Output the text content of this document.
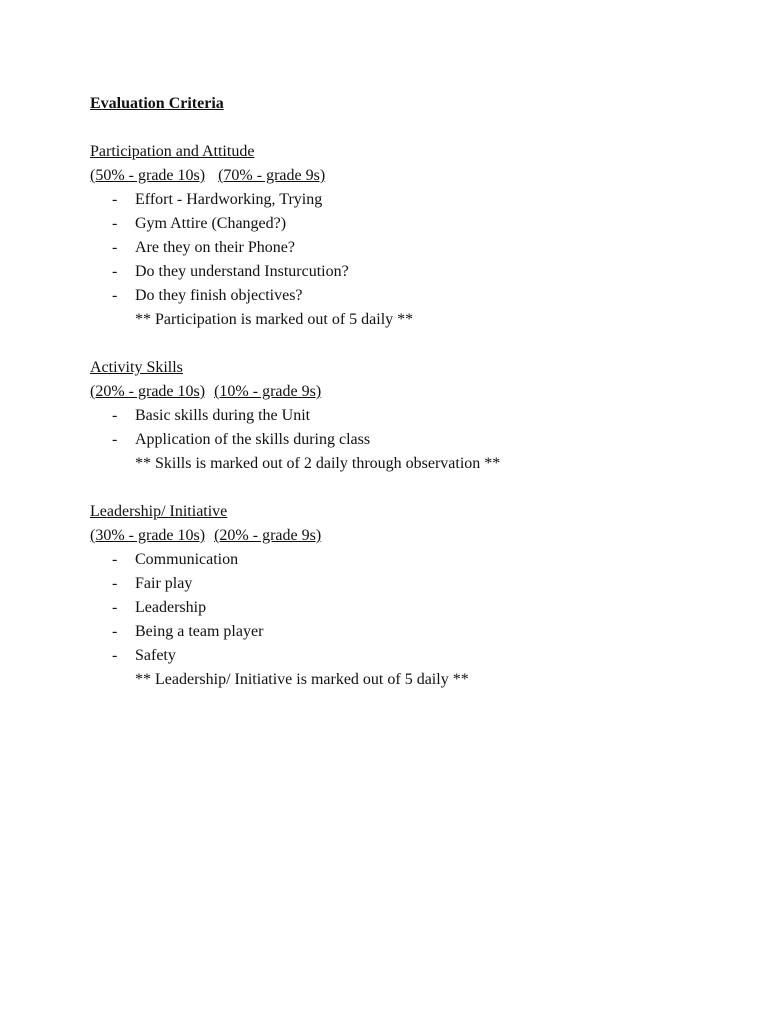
Evaluation Criteria
Participation and Attitude
(50% - grade 10s) (70% - grade 9s)
- Effort - Hardworking, Trying
- Gym Attire (Changed?)
- Are they on their Phone?
- Do they understand Insturcution?
- Do they finish objectives?
** Participation is marked out of 5 daily **
Activity Skills
(20% - grade 10s) (10% - grade 9s)
- Basic skills during the Unit
- Application of the skills during class
** Skills is marked out of 2 daily through observation **
Leadership/ Initiative
(30% - grade 10s) (20% - grade 9s)
- Communication
- Fair play
- Leadership
- Being a team player
- Safety
** Leadership/ Initiative is marked out of 5 daily **
